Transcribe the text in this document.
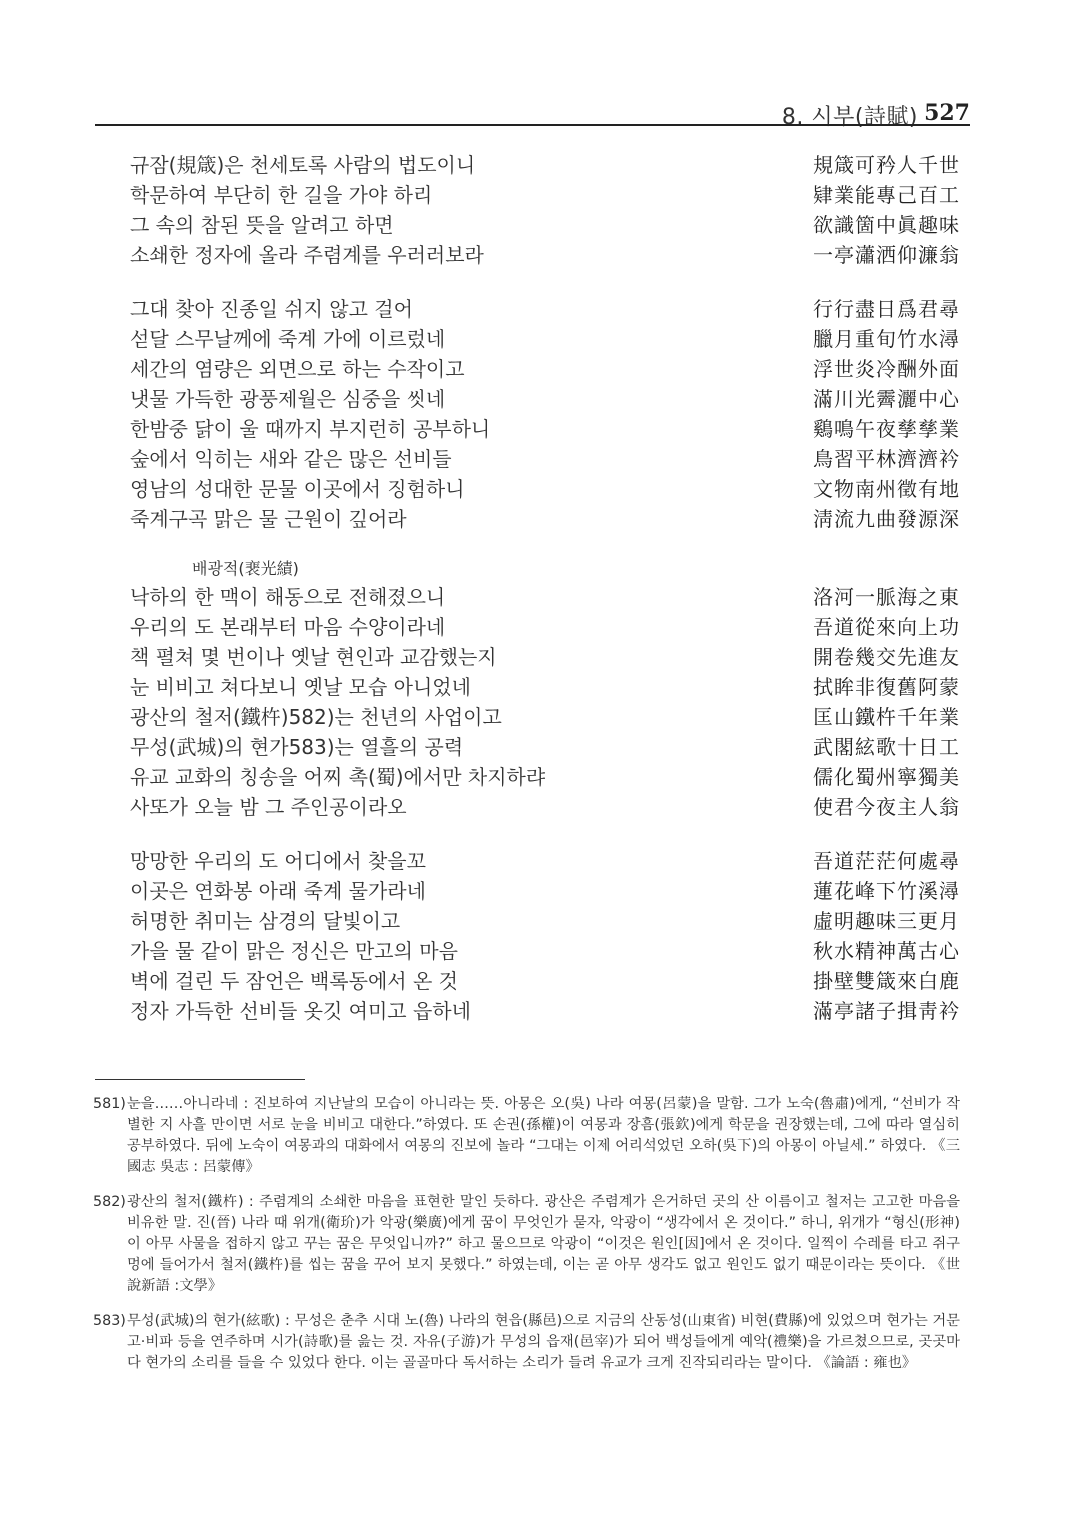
8. 시부(詩賦) 527
규잠(規箴)은 천세토록 사람의 법도이니	規箴可矜人千世
학문하여 부단히 한 길을 가야 하리	肄業能專己百工
그 속의 참된 뜻을 알려고 하면	欲識箇中眞趣味
소쇄한 정자에 올라 주렴계를 우러러보라	一亭瀟洒仰濂翁
그대 찾아 진종일 쉬지 않고 걸어	行行盡日爲君尋
섣달 스무날께에 죽계 가에 이르렀네	臘月重旬竹水潯
세간의 염량은 외면으로 하는 수작이고	浮世炎冷酬外面
냇물 가득한 광풍제월은 심중을 씻네	滿川光霽灑中心
한밤중 닭이 울 때까지 부지런히 공부하니	鷄鳴午夜孳孳業
숲에서 익히는 새와 같은 많은 선비들	鳥習平林濟濟衿
영남의 성대한 문물 이곳에서 징험하니	文物南州徵有地
죽계구곡 맑은 물 근원이 깊어라	淸流九曲發源深
배광적(裵光績)
낙하의 한 맥이 해동으로 전해졌으니	洛河一脈海之東
우리의 도 본래부터 마음 수양이라네	吾道從來向上功
책 펼쳐 몇 번이나 옛날 현인과 교감했는지	開卷幾交先進友
눈 비비고 쳐다보니 옛날 모습 아니었네	拭眸非復舊阿蒙
광산의 철저(鐵杵)582)는 천년의 사업이고	匡山鐵杵千年業
무성(武城)의 현가583)는 열흘의 공력	武閣絃歌十日工
유교 교화의 칭송을 어찌 촉(蜀)에서만 차지하랴	儒化蜀州寧獨美
사또가 오늘 밤 그 주인공이라오	使君今夜主人翁
망망한 우리의 도 어디에서 찾을꼬	吾道茫茫何處尋
이곳은 연화봉 아래 죽계 물가라네	蓮花峰下竹溪潯
허명한 취미는 삼경의 달빛이고	虛明趣味三更月
가을 물 같이 맑은 정신은 만고의 마음	秋水精神萬古心
벽에 걸린 두 잠언은 백록동에서 온 것	掛壁雙箴來白鹿
정자 가득한 선비들 옷깃 여미고 읍하네	滿亭諸子揖靑衿
581) 눈을……아니라네 : 진보하여 지난날의 모습이 아니라는 뜻. 아몽은 오(吳) 나라 여몽(呂蒙)을 말함. 그가 노숙(魯肅)에게, “선비가 작별한 지 사흘 만이면 서로 눈을 비비고 대한다.”하였다. 또 손권(孫權)이 여몽과 장흠(張欽)에게 학문을 권장했는데, 그에 따라 열심히 공부하였다. 뒤에 노숙이 여몽과의 대화에서 여몽의 진보에 놀라 “그대는 이제 어리석었던 오하(吳下)의 아몽이 아닐세.” 하였다. 《三國志 吳志 : 呂蒙傳》
582) 광산의 철저(鐵杵) : 주렴계의 소쇄한 마음을 표현한 말인 듯하다. 광산은 주렴계가 은거하던 곳의 산 이름이고 철저는 고고한 마음을 비유한 말. 진(晉) 나라 때 위개(衛玠)가 악광(樂廣)에게 꿈이 무엇인가 묻자, 악광이 “생각에서 온 것이다.” 하니, 위개가 “형신(形神)이 아무 사물을 접하지 않고 꾸는 꿈은 무엇입니까?” 하고 물으므로 악광이 “이것은 원인[因]에서 온 것이다. 일찍이 수레를 타고 쥐구멍에 들어가서 철저(鐵杵)를 씹는 꿈을 꾸어 보지 못했다.” 하였는데, 이는 곧 아무 생각도 없고 원인도 없기 때문이라는 뜻이다. 《世說新語 :文學》
583) 무성(武城)의 현가(絃歌) : 무성은 춘추 시대 노(魯) 나라의 현읍(縣邑)으로 지금의 산동성(山東省) 비현(費縣)에 있었으며 현가는 거문고·비파 등을 연주하며 시가(詩歌)를 읊는 것. 자유(子游)가 무성의 읍재(邑宰)가 되어 백성들에게 예악(禮樂)을 가르쳤으므로, 곳곳마다 현가의 소리를 들을 수 있었다 한다. 이는 골골마다 독서하는 소리가 들려 유교가 크게 진작되리라는 말이다. 《論語 : 雍也》
